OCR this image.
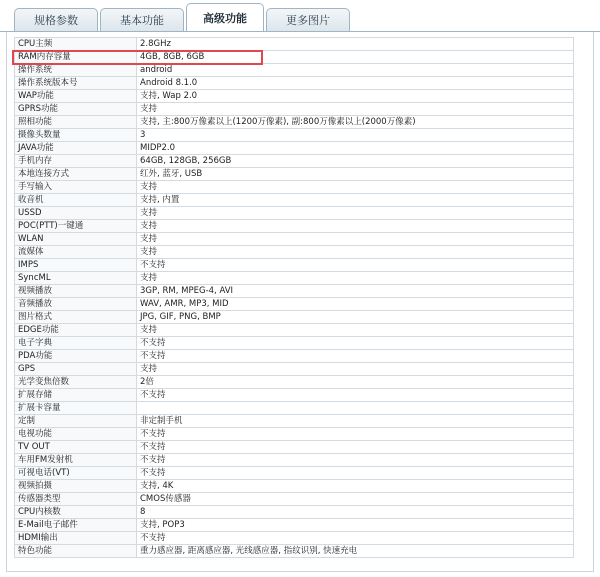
规格参数	基本功能	高级功能	更多图片
CPU主频	2.8GHz
RAM内存容量	4GB, 8GB, 6GB
操作系统	android
操作系统版本号	Android 8.1.0
WAP功能	支持, Wap 2.0
GPRS功能	支持
照相功能	支持, 主:800万像素以上(1200万像素), 副:800万像素以上(2000万像素)
摄像头数量	3
JAVA功能	MIDP2.0
手机内存	64GB, 128GB, 256GB
本地连接方式	红外, 蓝牙, USB
手写输入	支持
收音机	支持, 内置
USSD	支持
POC(PTT)一键通	支持
WLAN	支持
流媒体	支持
IMPS	不支持
SyncML	支持
视频播放	3GP, RM, MPEG-4, AVI
音频播放	WAV, AMR, MP3, MID
图片格式	JPG, GIF, PNG, BMP
EDGE功能	支持
电子字典	不支持
PDA功能	不支持
GPS	支持
光学变焦倍数	2倍
扩展存储	不支持
扩展卡容量	
定制	非定制手机
电视功能	不支持
TV OUT	不支持
车用FM发射机	不支持
可视电话(VT)	不支持
视频拍摄	支持, 4K
传感器类型	CMOS传感器
CPU内核数	8
E-Mail电子邮件	支持, POP3
HDMI输出	不支持
特色功能	重力感应器, 距离感应器, 光线感应器, 指纹识别, 快速充电
